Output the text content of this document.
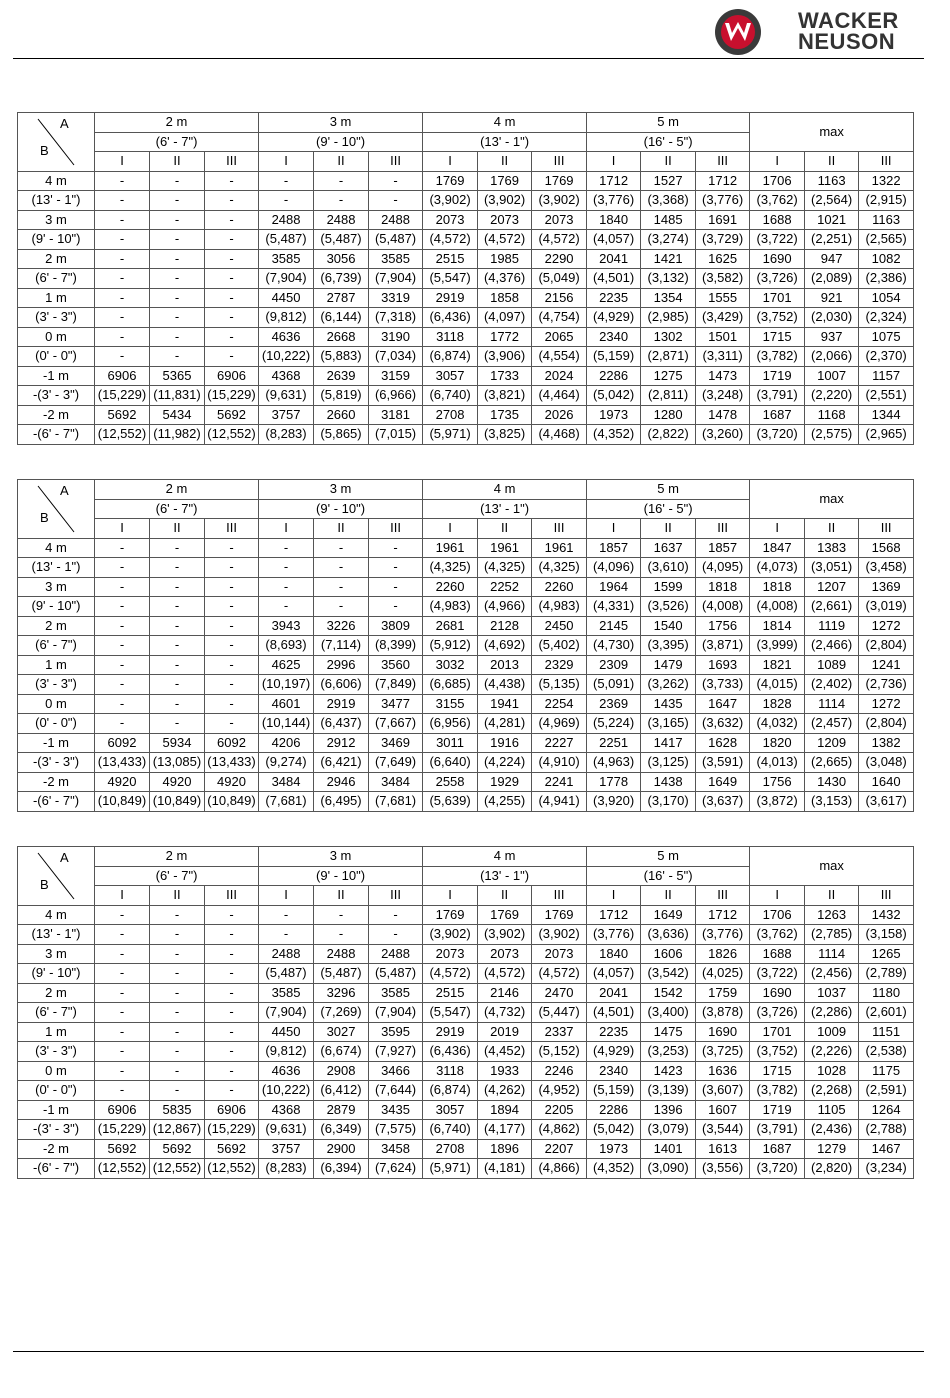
WACKER
NEUSON
A
B	2 m			3 m			4 m			5 m			max		
	(6' - 7")			(9' - 10")			(13' - 1")			(16' - 5")					
	I	II	III	I	II	III	I	II	III	I	II	III	I	II	III
4 m	-	-	-	-	-	-	1769	1769	1769	1712	1527	1712	1706	1163	1322
(13' - 1")	-	-	-	-	-	-	(3,902)	(3,902)	(3,902)	(3,776)	(3,368)	(3,776)	(3,762)	(2,564)	(2,915)
3 m	-	-	-	2488	2488	2488	2073	2073	2073	1840	1485	1691	1688	1021	1163
(9' - 10")	-	-	-	(5,487)	(5,487)	(5,487)	(4,572)	(4,572)	(4,572)	(4,057)	(3,274)	(3,729)	(3,722)	(2,251)	(2,565)
2 m	-	-	-	3585	3056	3585	2515	1985	2290	2041	1421	1625	1690	947	1082
(6' - 7")	-	-	-	(7,904)	(6,739)	(7,904)	(5,547)	(4,376)	(5,049)	(4,501)	(3,132)	(3,582)	(3,726)	(2,089)	(2,386)
1 m	-	-	-	4450	2787	3319	2919	1858	2156	2235	1354	1555	1701	921	1054
(3' - 3")	-	-	-	(9,812)	(6,144)	(7,318)	(6,436)	(4,097)	(4,754)	(4,929)	(2,985)	(3,429)	(3,752)	(2,030)	(2,324)
0 m	-	-	-	4636	2668	3190	3118	1772	2065	2340	1302	1501	1715	937	1075
(0' - 0")	-	-	-	(10,222)	(5,883)	(7,034)	(6,874)	(3,906)	(4,554)	(5,159)	(2,871)	(3,311)	(3,782)	(2,066)	(2,370)
-1 m	6906	5365	6906	4368	2639	3159	3057	1733	2024	2286	1275	1473	1719	1007	1157
-(3' - 3")	(15,229)	(11,831)	(15,229)	(9,631)	(5,819)	(6,966)	(6,740)	(3,821)	(4,464)	(5,042)	(2,811)	(3,248)	(3,791)	(2,220)	(2,551)
-2 m	5692	5434	5692	3757	2660	3181	2708	1735	2026	1973	1280	1478	1687	1168	1344
-(6' - 7")	(12,552)	(11,982)	(12,552)	(8,283)	(5,865)	(7,015)	(5,971)	(3,825)	(4,468)	(4,352)	(2,822)	(3,260)	(3,720)	(2,575)	(2,965)
A
B	2 m			3 m			4 m			5 m			max		
	(6' - 7")			(9' - 10")			(13' - 1")			(16' - 5")					
	I	II	III	I	II	III	I	II	III	I	II	III	I	II	III
4 m	-	-	-	-	-	-	1961	1961	1961	1857	1637	1857	1847	1383	1568
(13' - 1")	-	-	-	-	-	-	(4,325)	(4,325)	(4,325)	(4,096)	(3,610)	(4,095)	(4,073)	(3,051)	(3,458)
3 m	-	-	-	-	-	-	2260	2252	2260	1964	1599	1818	1818	1207	1369
(9' - 10")	-	-	-	-	-	-	(4,983)	(4,966)	(4,983)	(4,331)	(3,526)	(4,008)	(4,008)	(2,661)	(3,019)
2 m	-	-	-	3943	3226	3809	2681	2128	2450	2145	1540	1756	1814	1119	1272
(6' - 7")	-	-	-	(8,693)	(7,114)	(8,399)	(5,912)	(4,692)	(5,402)	(4,730)	(3,395)	(3,871)	(3,999)	(2,466)	(2,804)
1 m	-	-	-	4625	2996	3560	3032	2013	2329	2309	1479	1693	1821	1089	1241
(3' - 3")	-	-	-	(10,197)	(6,606)	(7,849)	(6,685)	(4,438)	(5,135)	(5,091)	(3,262)	(3,733)	(4,015)	(2,402)	(2,736)
0 m	-	-	-	4601	2919	3477	3155	1941	2254	2369	1435	1647	1828	1114	1272
(0' - 0")	-	-	-	(10,144)	(6,437)	(7,667)	(6,956)	(4,281)	(4,969)	(5,224)	(3,165)	(3,632)	(4,032)	(2,457)	(2,804)
-1 m	6092	5934	6092	4206	2912	3469	3011	1916	2227	2251	1417	1628	1820	1209	1382
-(3' - 3")	(13,433)	(13,085)	(13,433)	(9,274)	(6,421)	(7,649)	(6,640)	(4,224)	(4,910)	(4,963)	(3,125)	(3,591)	(4,013)	(2,665)	(3,048)
-2 m	4920	4920	4920	3484	2946	3484	2558	1929	2241	1778	1438	1649	1756	1430	1640
-(6' - 7")	(10,849)	(10,849)	(10,849)	(7,681)	(6,495)	(7,681)	(5,639)	(4,255)	(4,941)	(3,920)	(3,170)	(3,637)	(3,872)	(3,153)	(3,617)
A
B	2 m			3 m			4 m			5 m			max		
	(6' - 7")			(9' - 10")			(13' - 1")			(16' - 5")					
	I	II	III	I	II	III	I	II	III	I	II	III	I	II	III
4 m	-	-	-	-	-	-	1769	1769	1769	1712	1649	1712	1706	1263	1432
(13' - 1")	-	-	-	-	-	-	(3,902)	(3,902)	(3,902)	(3,776)	(3,636)	(3,776)	(3,762)	(2,785)	(3,158)
3 m	-	-	-	2488	2488	2488	2073	2073	2073	1840	1606	1826	1688	1114	1265
(9' - 10")	-	-	-	(5,487)	(5,487)	(5,487)	(4,572)	(4,572)	(4,572)	(4,057)	(3,542)	(4,025)	(3,722)	(2,456)	(2,789)
2 m	-	-	-	3585	3296	3585	2515	2146	2470	2041	1542	1759	1690	1037	1180
(6' - 7")	-	-	-	(7,904)	(7,269)	(7,904)	(5,547)	(4,732)	(5,447)	(4,501)	(3,400)	(3,878)	(3,726)	(2,286)	(2,601)
1 m	-	-	-	4450	3027	3595	2919	2019	2337	2235	1475	1690	1701	1009	1151
(3' - 3")	-	-	-	(9,812)	(6,674)	(7,927)	(6,436)	(4,452)	(5,152)	(4,929)	(3,253)	(3,725)	(3,752)	(2,226)	(2,538)
0 m	-	-	-	4636	2908	3466	3118	1933	2246	2340	1423	1636	1715	1028	1175
(0' - 0")	-	-	-	(10,222)	(6,412)	(7,644)	(6,874)	(4,262)	(4,952)	(5,159)	(3,139)	(3,607)	(3,782)	(2,268)	(2,591)
-1 m	6906	5835	6906	4368	2879	3435	3057	1894	2205	2286	1396	1607	1719	1105	1264
-(3' - 3")	(15,229)	(12,867)	(15,229)	(9,631)	(6,349)	(7,575)	(6,740)	(4,177)	(4,862)	(5,042)	(3,079)	(3,544)	(3,791)	(2,436)	(2,788)
-2 m	5692	5692	5692	3757	2900	3458	2708	1896	2207	1973	1401	1613	1687	1279	1467
-(6' - 7")	(12,552)	(12,552)	(12,552)	(8,283)	(6,394)	(7,624)	(5,971)	(4,181)	(4,866)	(4,352)	(3,090)	(3,556)	(3,720)	(2,820)	(3,234)
